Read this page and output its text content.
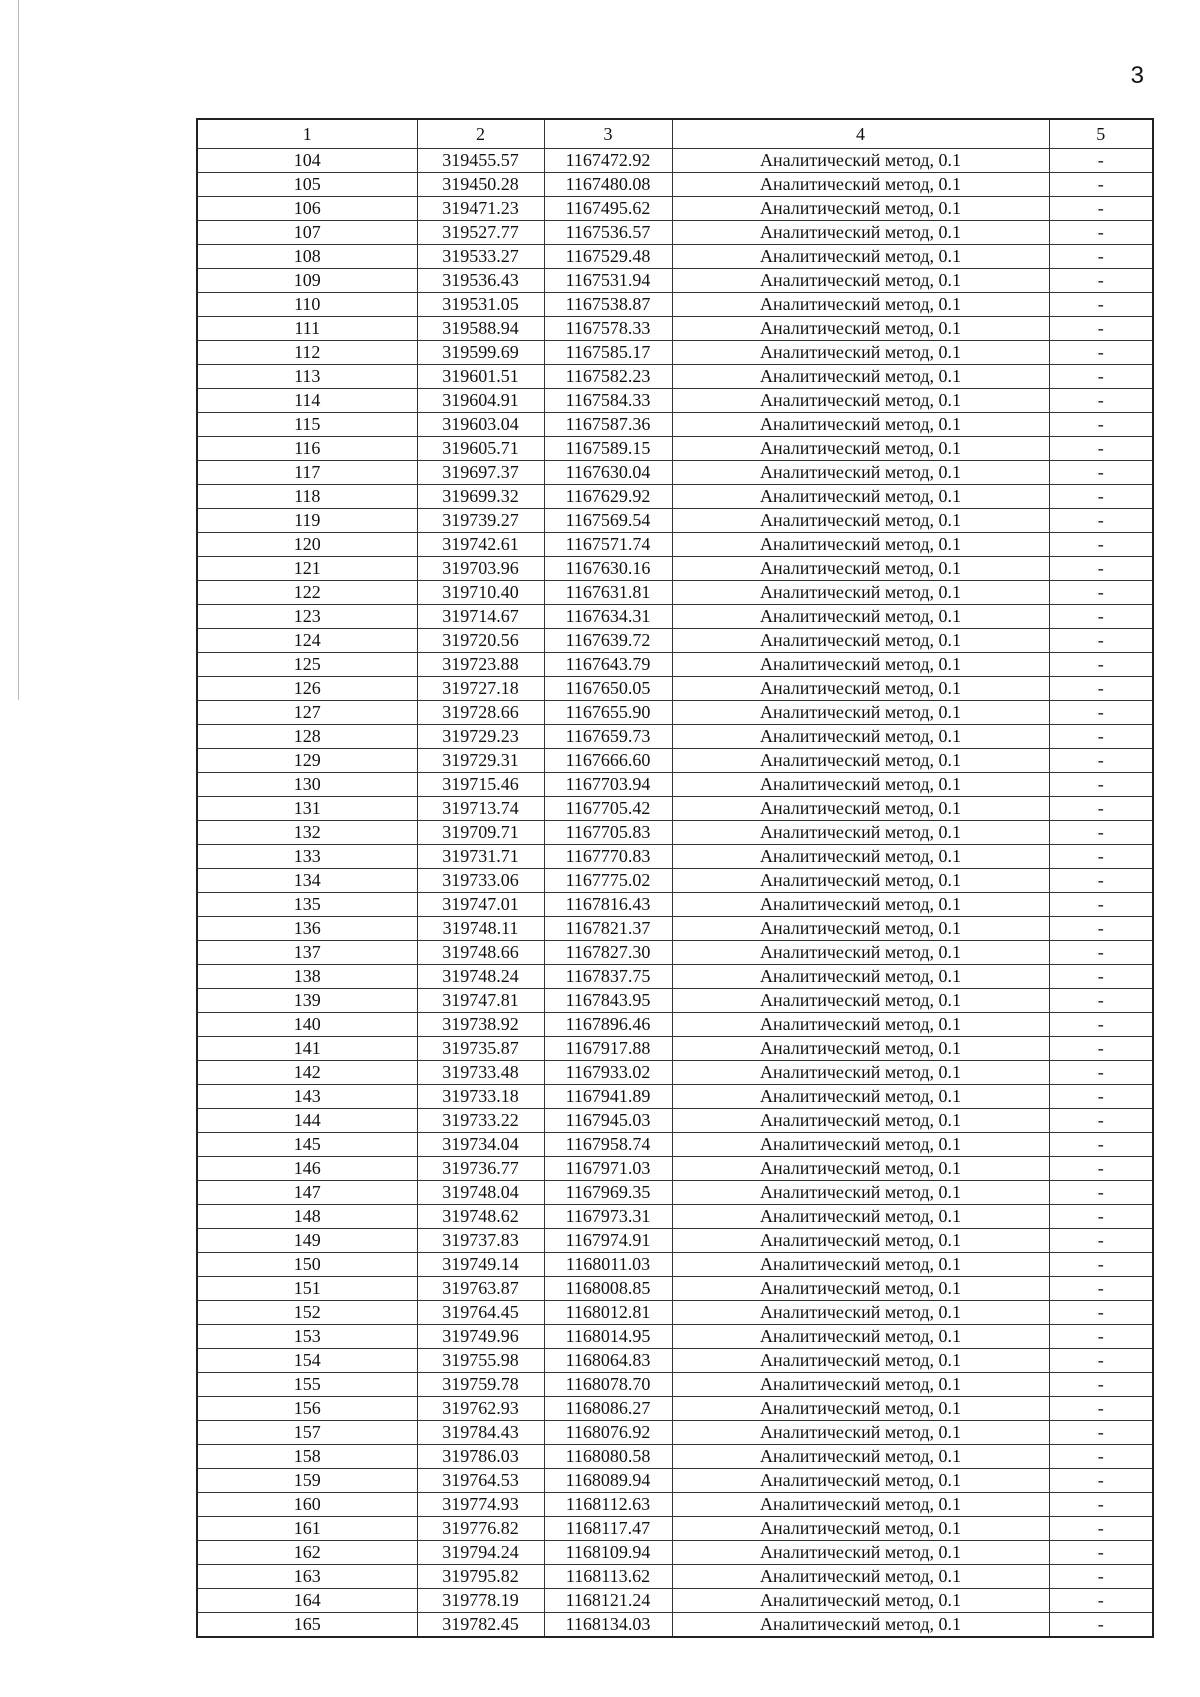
3
1	2	3	4	5
104	319455.57	1167472.92	Аналитический метод, 0.1	-
105	319450.28	1167480.08	Аналитический метод, 0.1	-
106	319471.23	1167495.62	Аналитический метод, 0.1	-
107	319527.77	1167536.57	Аналитический метод, 0.1	-
108	319533.27	1167529.48	Аналитический метод, 0.1	-
109	319536.43	1167531.94	Аналитический метод, 0.1	-
110	319531.05	1167538.87	Аналитический метод, 0.1	-
111	319588.94	1167578.33	Аналитический метод, 0.1	-
112	319599.69	1167585.17	Аналитический метод, 0.1	-
113	319601.51	1167582.23	Аналитический метод, 0.1	-
114	319604.91	1167584.33	Аналитический метод, 0.1	-
115	319603.04	1167587.36	Аналитический метод, 0.1	-
116	319605.71	1167589.15	Аналитический метод, 0.1	-
117	319697.37	1167630.04	Аналитический метод, 0.1	-
118	319699.32	1167629.92	Аналитический метод, 0.1	-
119	319739.27	1167569.54	Аналитический метод, 0.1	-
120	319742.61	1167571.74	Аналитический метод, 0.1	-
121	319703.96	1167630.16	Аналитический метод, 0.1	-
122	319710.40	1167631.81	Аналитический метод, 0.1	-
123	319714.67	1167634.31	Аналитический метод, 0.1	-
124	319720.56	1167639.72	Аналитический метод, 0.1	-
125	319723.88	1167643.79	Аналитический метод, 0.1	-
126	319727.18	1167650.05	Аналитический метод, 0.1	-
127	319728.66	1167655.90	Аналитический метод, 0.1	-
128	319729.23	1167659.73	Аналитический метод, 0.1	-
129	319729.31	1167666.60	Аналитический метод, 0.1	-
130	319715.46	1167703.94	Аналитический метод, 0.1	-
131	319713.74	1167705.42	Аналитический метод, 0.1	-
132	319709.71	1167705.83	Аналитический метод, 0.1	-
133	319731.71	1167770.83	Аналитический метод, 0.1	-
134	319733.06	1167775.02	Аналитический метод, 0.1	-
135	319747.01	1167816.43	Аналитический метод, 0.1	-
136	319748.11	1167821.37	Аналитический метод, 0.1	-
137	319748.66	1167827.30	Аналитический метод, 0.1	-
138	319748.24	1167837.75	Аналитический метод, 0.1	-
139	319747.81	1167843.95	Аналитический метод, 0.1	-
140	319738.92	1167896.46	Аналитический метод, 0.1	-
141	319735.87	1167917.88	Аналитический метод, 0.1	-
142	319733.48	1167933.02	Аналитический метод, 0.1	-
143	319733.18	1167941.89	Аналитический метод, 0.1	-
144	319733.22	1167945.03	Аналитический метод, 0.1	-
145	319734.04	1167958.74	Аналитический метод, 0.1	-
146	319736.77	1167971.03	Аналитический метод, 0.1	-
147	319748.04	1167969.35	Аналитический метод, 0.1	-
148	319748.62	1167973.31	Аналитический метод, 0.1	-
149	319737.83	1167974.91	Аналитический метод, 0.1	-
150	319749.14	1168011.03	Аналитический метод, 0.1	-
151	319763.87	1168008.85	Аналитический метод, 0.1	-
152	319764.45	1168012.81	Аналитический метод, 0.1	-
153	319749.96	1168014.95	Аналитический метод, 0.1	-
154	319755.98	1168064.83	Аналитический метод, 0.1	-
155	319759.78	1168078.70	Аналитический метод, 0.1	-
156	319762.93	1168086.27	Аналитический метод, 0.1	-
157	319784.43	1168076.92	Аналитический метод, 0.1	-
158	319786.03	1168080.58	Аналитический метод, 0.1	-
159	319764.53	1168089.94	Аналитический метод, 0.1	-
160	319774.93	1168112.63	Аналитический метод, 0.1	-
161	319776.82	1168117.47	Аналитический метод, 0.1	-
162	319794.24	1168109.94	Аналитический метод, 0.1	-
163	319795.82	1168113.62	Аналитический метод, 0.1	-
164	319778.19	1168121.24	Аналитический метод, 0.1	-
165	319782.45	1168134.03	Аналитический метод, 0.1	-
